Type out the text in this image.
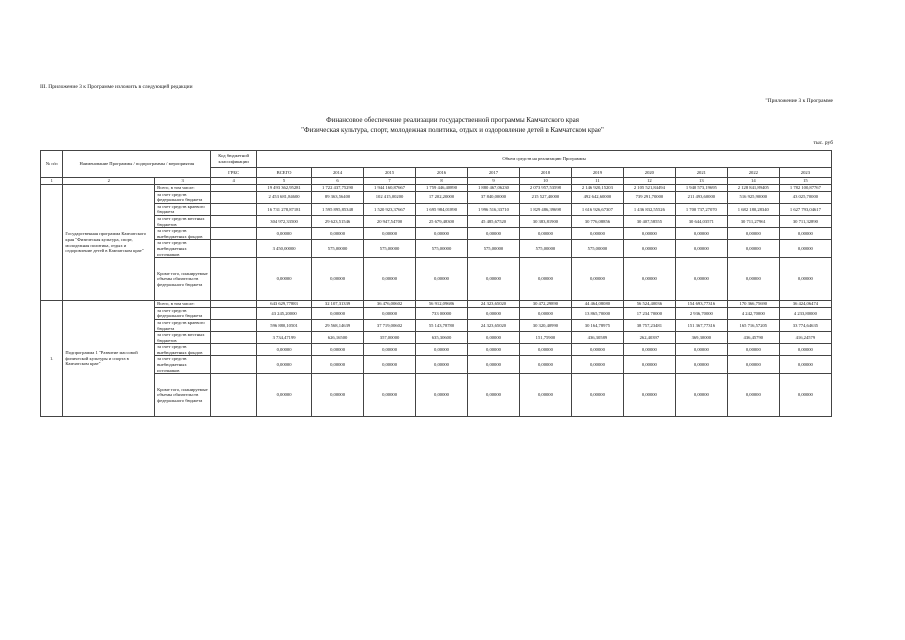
III. Приложение 3 к Программе изложить в следующей редакции
"Приложение 3 к Программе
Финансовое обеспечение реализации государственной программы Камчатского края
"Физическая культура, спорт, молодежная политика, отдых и оздоровление детей в Камчатском крае"
тыс. руб
№ п/п	Наименование Программы / подпрограммы / мероприятия		Код бюджетной классификации	Объем средств на реализацию Программы										
			ГРБС	ВСЕГО	2014	2015	2016	2017	2018	2019	2020	2021	2022	2023
1	2	3	4	5	6	7	8	9	10	11	12	13	14	15
	Государственная программа Камчатского края "Физическая культура, спорт, молодежная политика, отдых и оздоровление детей в Камчатском крае"	Всего, в том числе:		19 493 362,95281	1 722 437,75290	1 944 160,87667	1 759 446,40890	1 880 467,06230	2 073 957,53598	2 146 920,15203	2 105 521,84494	1 940 573,19695	2 128 841,89405	1 782 100,87767
		за счет средств федерального бюджета		2 453 681,84600	89 363,56400	102 415,00200	17 202,20000	37 840,00000	215 527,40000	492 642,60000	739 291,70000	211 493,60000	516 925,90000	43 025,70000
		за счет средств краевого бюджета		16 731 278,87181	1 595 895,85348	1 520 923,37667	1 695 984,01890	1 996 516,33710	1 829 486,39698	1 616 926,67307	1 436 832,55526	1 700 737,27070	1 682 180,28340	1 627 793,04617
		за счет средств местных бюджетов		304 972,33500	29 623,51546	20 947,54700	25 679,48300	45 485,67520	30 383,81900	30 776,08856	30 407,58555	30 644,03571	30 711,27961	30 711,32890
		за счет средств внебюджетных фондов		0,00000	0,00000	0,00000	0,00000	0,00000	0,00000	0,00000	0,00000	0,00000	0,00000	0,00000
		за счет средств внебюджетных источников		3 450,00000	575,00000	575,00000	575,00000	575,00000	575,00000	575,00000	0,00000	0,00000	0,00000	0,00000
		Кроме того, планируемые объемы обязательств федерального бюджета		0,00000	0,00000	0,00000	0,00000	0,00000	0,00000	0,00000	0,00000	0,00000	0,00000	0,00000
1.	Подпрограмма 1 "Развитие массовой физической культуры и спорта в Камчатском крае"	Всего, в том числе:		643 629,77883	32 107,31339	36 476,00602	56 912,09686	24 323,65020	30 472,29890	44 464,08080	56 524,40036	154 693,77316	170 366,75690	36 424,06474
		за счет средств федерального бюджета		43 245,20000	0,00000	0,00000	733 00000	0,00000	0,00000	13 865,70000	17 234 70000	2 936,70000	4 242,70000	4 233,80000
		за счет средств краевого бюджета		596 880,10501	29 568,14639	37 719,00602	55 143,78780	24 323,65020	30 320,40990	30 164,78975	38 757,23481	151 367,77316	165 716,57205	33 774,64635
		за счет средств местных бюджетов		3 734,47199	626,16500	357,00000	635,30600	0,00000	151,75900	436,30589	262,40397	369,30000	436,45790	416,24579
		за счет средств внебюджетных фондов		0,00000	0,00000	0,00000	0,00000	0,00000	0,00000	0,00000	0,00000	0,00000	0,00000	0,00000
		за счет средств внебюджетных источников		0,00000	0,00000	0,00000	0,00000	0,00000	0,00000	0,00000	0,00000	0,00000	0,00000	0,00000
		Кроме того, планируемые объемы обязательств федерального бюджета		0,00000	0,00000	0,00000	0,00000	0,00000	0,00000	0,00000	0,00000	0,00000	0,00000	0,00000
